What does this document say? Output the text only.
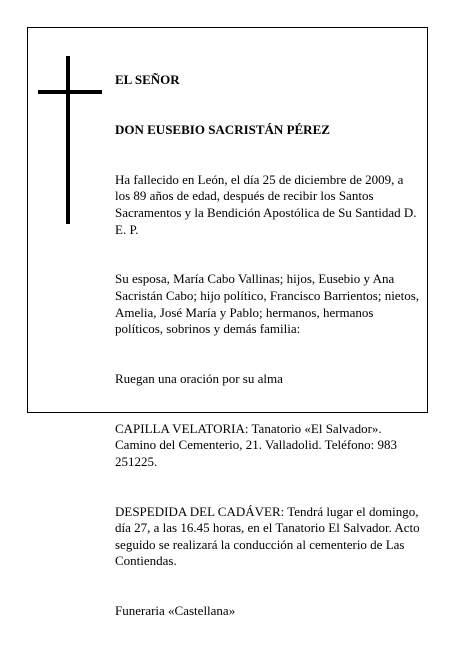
EL SEÑOR

DON EUSEBIO SACRISTÁN PÉREZ

Ha fallecido en León, el día 25 de diciembre de 2009, a los 89 años de edad, después de recibir los Santos Sacramentos y la Bendición Apostólica de Su Santidad D. E. P.

Su esposa, María Cabo Vallinas; hijos, Eusebio y Ana Sacristán Cabo; hijo político, Francisco Barrientos; nietos, Amelia, José María y Pablo; hermanos, hermanos políticos, sobrinos y demás familia:

Ruegan una oración por su alma

CAPILLA VELATORIA: Tanatorio «El Salvador». Camino del Cementerio, 21. Valladolid. Teléfono: 983 251225.

DESPEDIDA DEL CADÁVER: Tendrá lugar el domingo, día 27, a las 16.45 horas, en el Tanatorio El Salvador. Acto seguido se realizará la conducción al cementerio de Las Contiendas.

Funeraria «Castellana»
